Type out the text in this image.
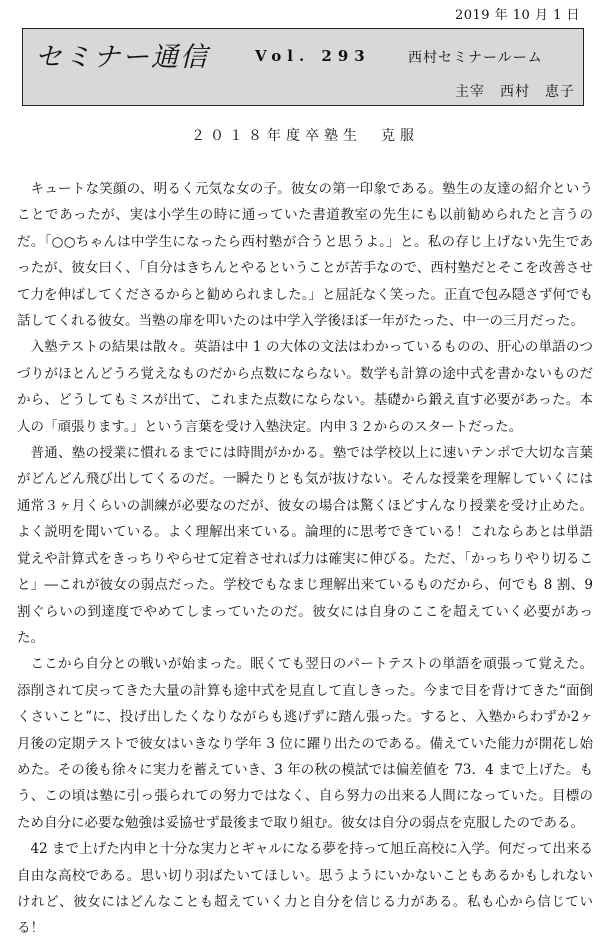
2019 年 10 月 1 日
セミナー通信	Vol. 293	西村セミナールーム
主宰　西村　恵子
２０１８年度卒塾生　克服

キュートな笑顔の、明るく元気な女の子。彼女の第一印象である。塾生の友達の紹介ということであったが、実は小学生の時に通っていた書道教室の先生にも以前勧められたと言うのだ。「○○ちゃんは中学生になったら西村塾が合うと思うよ。」と。私の存じ上げない先生であったが、彼女曰く、「自分はきちんとやるということが苦手なので、西村塾だとそこを改善させて力を伸ばしてくださるからと勧められました。」と屈託なく笑った。正直で包み隠さず何でも話してくれる彼女。当塾の扉を叩いたのは中学入学後ほぼ一年がたった、中一の三月だった。

入塾テストの結果は散々。英語は中 1 の大体の文法はわかっているものの、肝心の単語のつづりがほとんどうろ覚えなものだから点数にならない。数学も計算の途中式を書かないものだから、どうしてもミスが出て、これまた点数にならない。基礎から鍛え直す必要があった。本人の「頑張ります。」という言葉を受け入塾決定。内申３２からのスタートだった。

普通、塾の授業に慣れるまでには時間がかかる。塾では学校以上に速いテンポで大切な言葉がどんどん飛び出してくるのだ。一瞬たりとも気が抜けない。そんな授業を理解していくには通常３ヶ月くらいの訓練が必要なのだが、彼女の場合は驚くほどすんなり授業を受け止めた。よく説明を聞いている。よく理解出来ている。論理的に思考できている！これならあとは単語覚えや計算式をきっちりやらせて定着させれば力は確実に伸びる。ただ、「かっちりやり切ること」―これが彼女の弱点だった。学校でもなまじ理解出来ているものだから、何でも 8 割、9 割ぐらいの到達度でやめてしまっていたのだ。彼女には自身のここを超えていく必要があった。

ここから自分との戦いが始まった。眠くても翌日のパートテストの単語を頑張って覚えた。添削されて戻ってきた大量の計算も途中式を見直して直しきった。今まで目を背けてきた“面倒くさいこと”に、投げ出したくなりながらも逃げずに踏ん張った。すると、入塾からわずか2ヶ月後の定期テストで彼女はいきなり学年 3 位に躍り出たのである。備えていた能力が開花し始めた。その後も徐々に実力を蓄えていき、3 年の秋の模試では偏差値を 73．4 まで上げた。もう、この頃は塾に引っ張られての努力ではなく、自ら努力の出来る人間になっていた。目標のため自分に必要な勉強は妥協せず最後まで取り組む。彼女は自分の弱点を克服したのである。

42 まで上げた内申と十分な実力とギャルになる夢を持って旭丘高校に入学。何だって出来る自由な高校である。思い切り羽ばたいてほしい。思うようにいかないこともあるかもしれないけれど、彼女にはどんなことも超えていく力と自分を信じる力がある。私も心から信じている！
